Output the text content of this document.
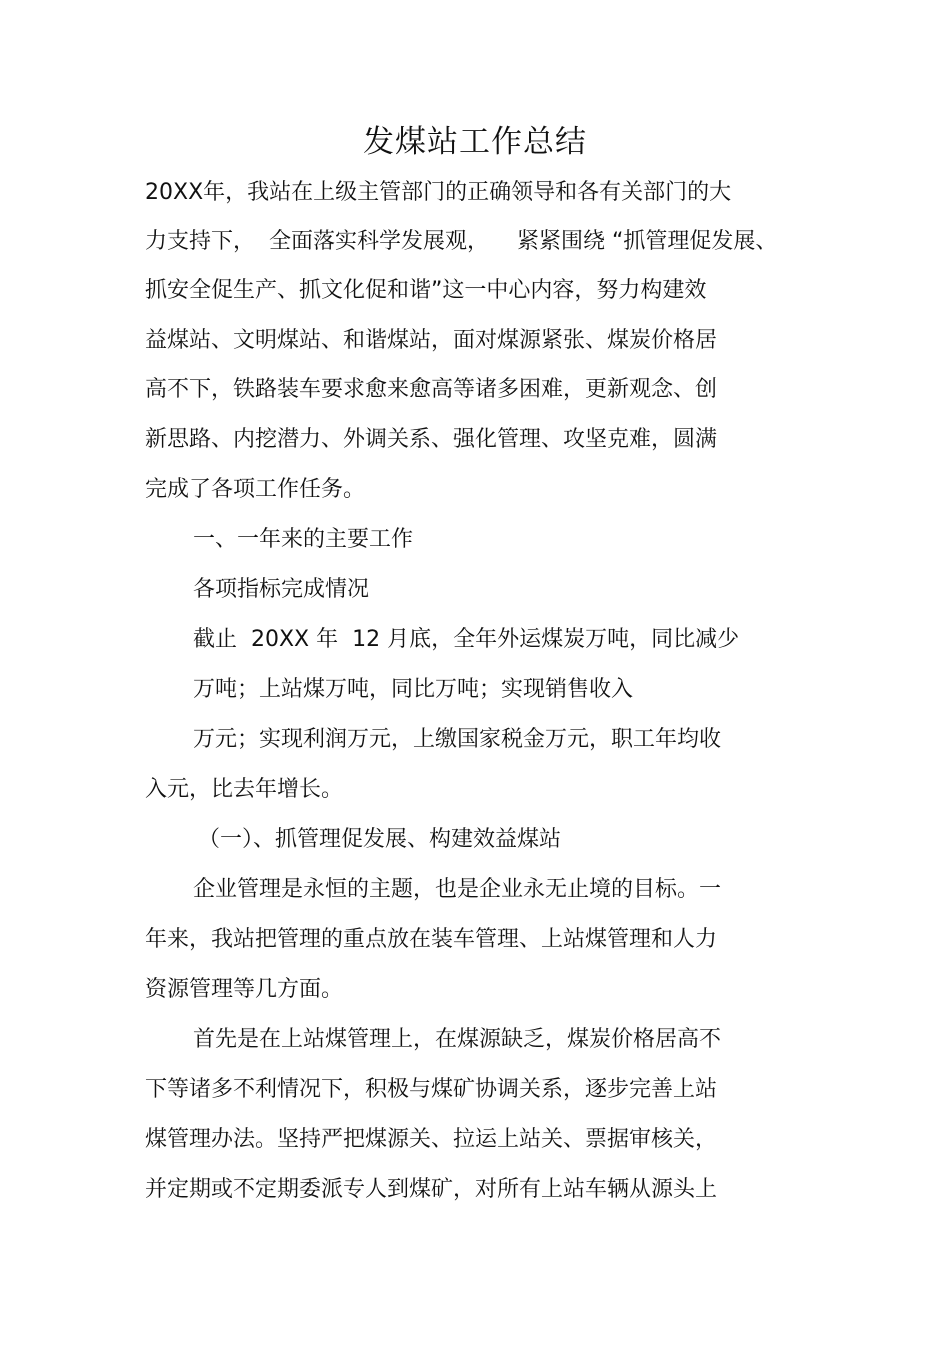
发煤站工作总结
20XX年，我站在上级主管部门的正确领导和各有关部门的大
力支持下，  全面落实科学发展观，    紧紧围绕 “抓管理促发展、
抓安全促生产、抓文化促和谐”这一中心内容，努力构建效
益煤站、文明煤站、和谐煤站，面对煤源紧张、煤炭价格居
高不下，铁路装车要求愈来愈高等诸多困难，更新观念、创
新思路、内挖潜力、外调关系、强化管理、攻坚克难，圆满
完成了各项工作任务。
一、一年来的主要工作
各项指标完成情况
截止  20XX 年  12 月底，全年外运煤炭万吨，同比减少
万吨；上站煤万吨，同比万吨；实现销售收入
万元；实现利润万元，上缴国家税金万元，职工年均收
入元，比去年增长。
（一）、抓管理促发展、构建效益煤站
企业管理是永恒的主题，也是企业永无止境的目标。一
年来，我站把管理的重点放在装车管理、上站煤管理和人力
资源管理等几方面。
首先是在上站煤管理上，在煤源缺乏，煤炭价格居高不
下等诸多不利情况下，积极与煤矿协调关系，逐步完善上站
煤管理办法。坚持严把煤源关、拉运上站关、票据审核关，
并定期或不定期委派专人到煤矿，对所有上站车辆从源头上
